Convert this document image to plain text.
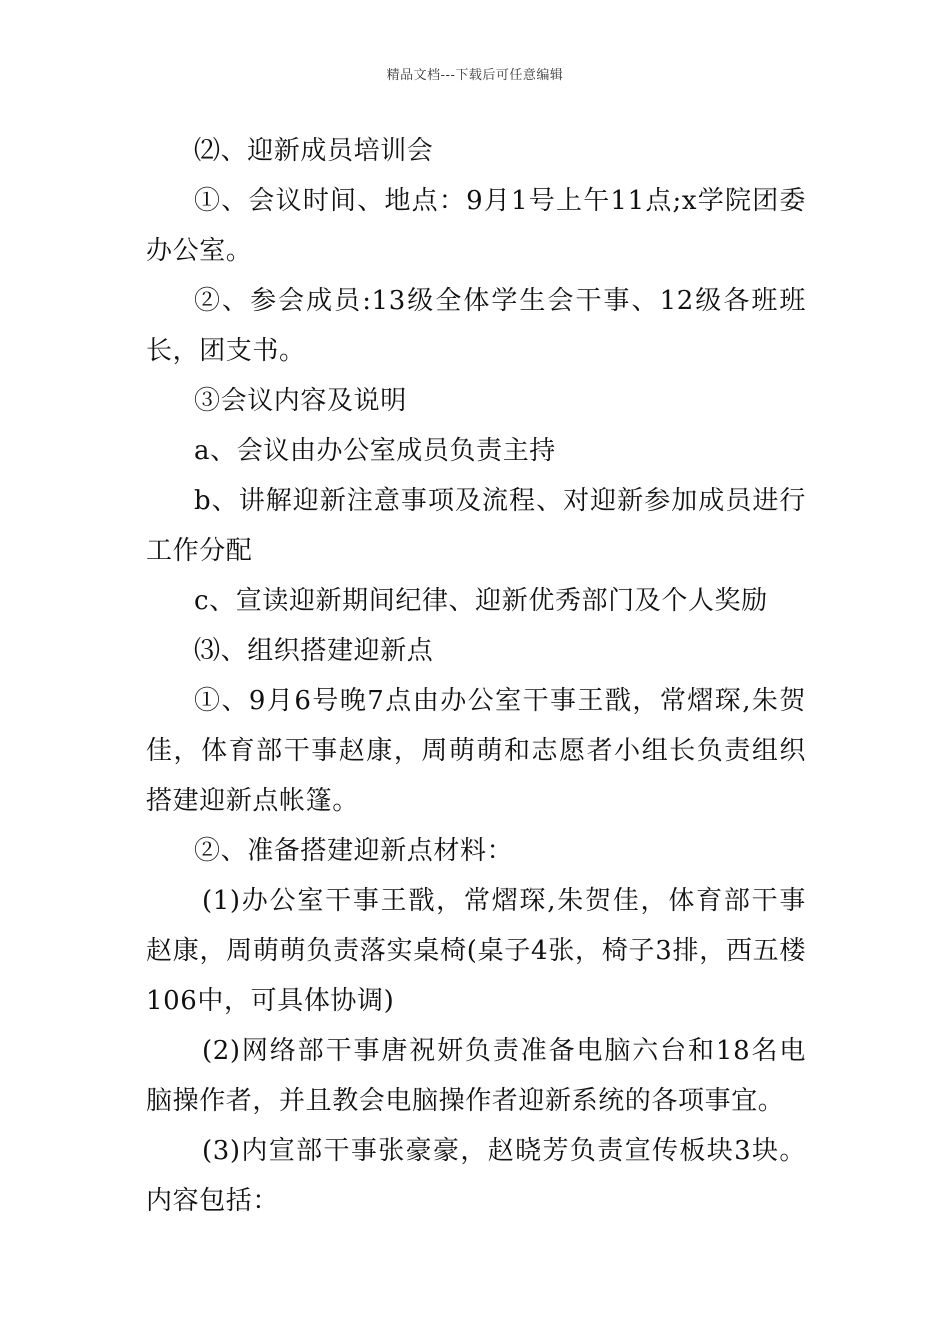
精品文档---下载后可任意编辑

⑵、迎新成员培训会

①、会议时间、地点：9月1号上午11点;x学院团委办公室。

②、参会成员:13级全体学生会干事、12级各班班长，团支书。

③会议内容及说明

a、会议由办公室成员负责主持

b、讲解迎新注意事项及流程、对迎新参加成员进行工作分配

c、宣读迎新期间纪律、迎新优秀部门及个人奖励

⑶、组织搭建迎新点

①、9月6号晚7点由办公室干事王戬，常熠琛,朱贺佳，体育部干事赵康，周萌萌和志愿者小组长负责组织搭建迎新点帐篷。

②、准备搭建迎新点材料：

(1)办公室干事王戬，常熠琛,朱贺佳，体育部干事赵康，周萌萌负责落实桌椅(桌子4张，椅子3排，西五楼106中，可具体协调)

(2)网络部干事唐祝妍负责准备电脑六台和18名电脑操作者，并且教会电脑操作者迎新系统的各项事宜。

(3)内宣部干事张豪豪，赵晓芳负责宣传板块3块。内容包括：
